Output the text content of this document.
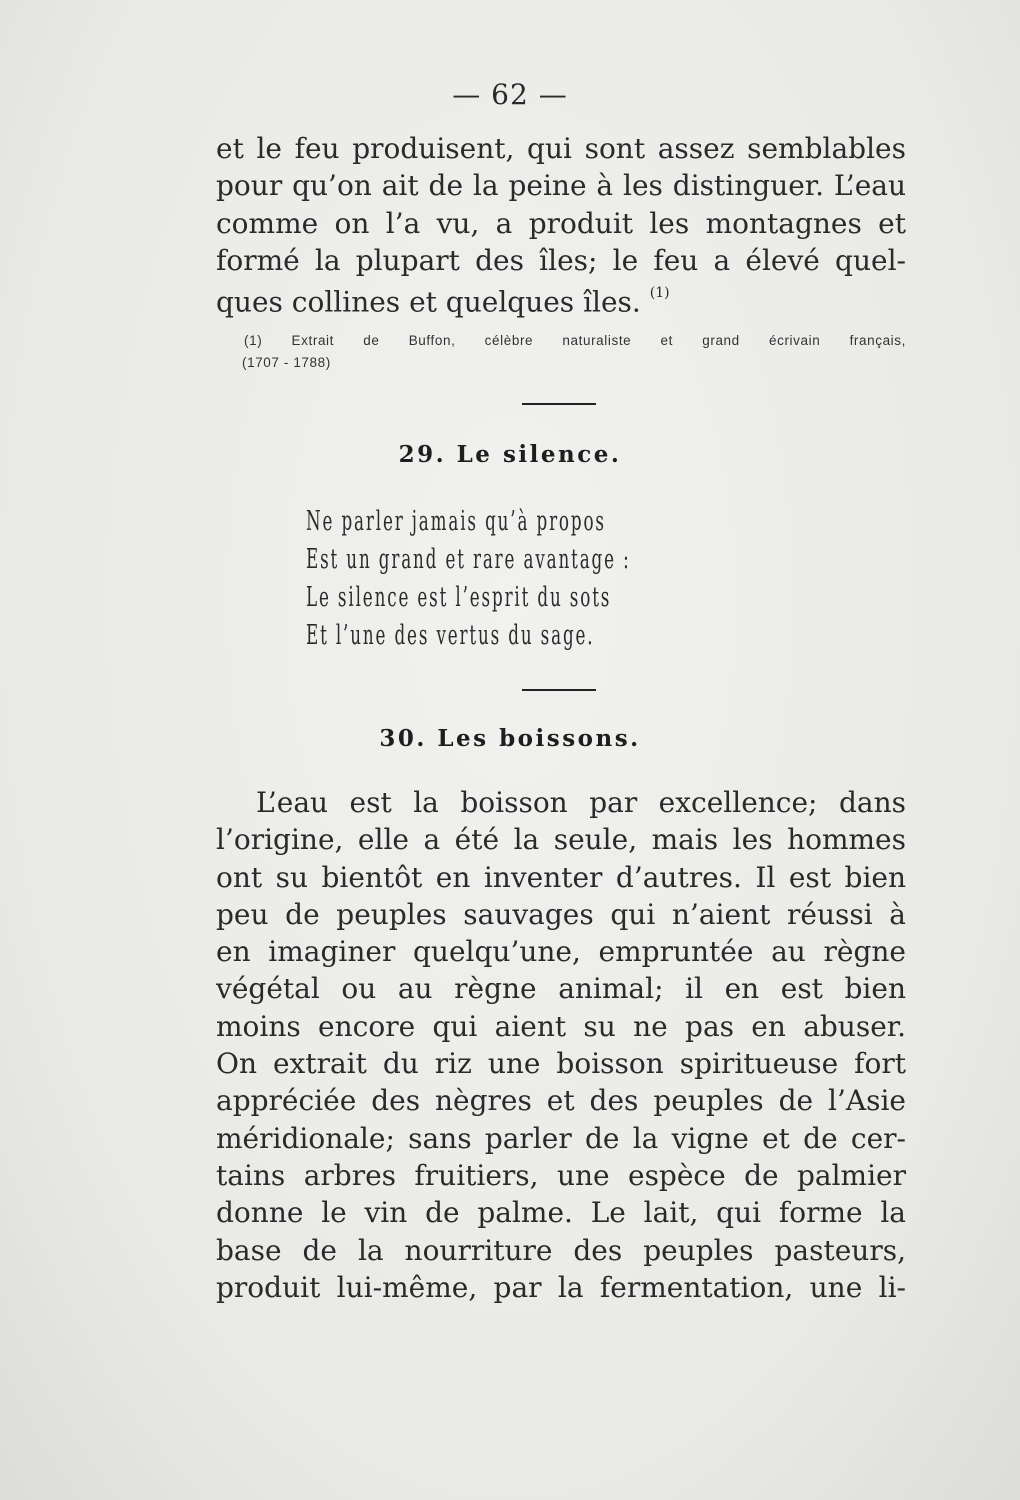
— 62 —
et le feu produisent, qui sont assez semblables
pour qu’on ait de la peine à les distinguer. L’eau
comme on l’a vu, a produit les montagnes et
formé la plupart des îles; le feu a élevé quel-
ques collines et quelques îles. $^{(1)}$
(1) Extrait de Buffon, célèbre naturaliste et grand écrivain français,
(1707 - 1788)
29. Le silence.
Ne parler jamais qu’à propos
Est un grand et rare avantage :
Le silence est l’esprit du sots
Et l’une des vertus du sage.
30. Les boissons.
L’eau est la boisson par excellence; dans
l’origine, elle a été la seule, mais les hommes
ont su bientôt en inventer d’autres. Il est bien
peu de peuples sauvages qui n’aient réussi à
en imaginer quelqu’une, empruntée au règne
végétal ou au règne animal; il en est bien
moins encore qui aient su ne pas en abuser.
On extrait du riz une boisson spiritueuse fort
appréciée des nègres et des peuples de l’Asie
méridionale; sans parler de la vigne et de cer-
tains arbres fruitiers, une espèce de palmier
donne le vin de palme. Le lait, qui forme la
base de la nourriture des peuples pasteurs,
produit lui-même, par la fermentation, une li-
